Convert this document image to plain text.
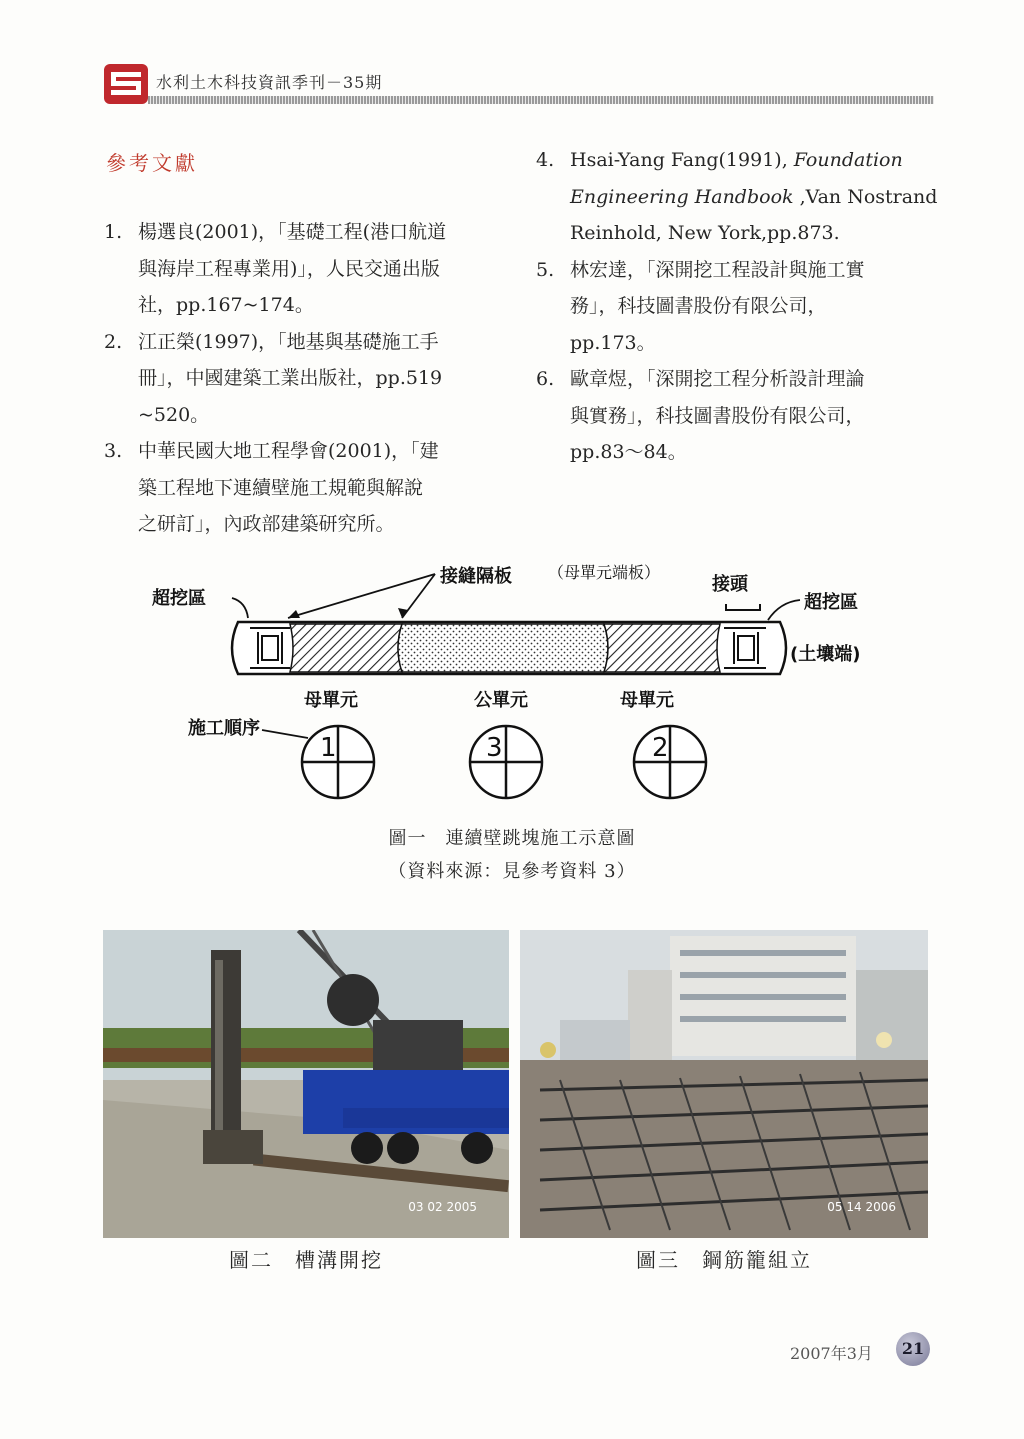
水利土木科技資訊季刊－35期
參考文獻
1. 楊選良(2001)，「基礎工程(港口航道
與海岸工程專業用)」，人民交通出版
社，pp.167~174。
2. 江正榮(1997)，「地基與基礎施工手
冊」，中國建築工業出版社，pp.519
~520。
3. 中華民國大地工程學會(2001)，「建
築工程地下連續壁施工規範與解說
之研訂」，內政部建築研究所。
4. Hsai-Yang Fang(1991), Foundation Engineering Handbook ,Van Nostrand Reinhold, New York,pp.873.
5. 林宏達，「深開挖工程設計與施工實
務」，科技圖書股份有限公司，
pp.173。
6. 歐章煜，「深開挖工程分析設計理論
與實務」，科技圖書股份有限公司，
pp.83～84。
超挖區
接縫隔板 （母單元端板）
接頭
超挖區
(土壤端)
母單元	公單元	母單元
施工順序
1	3	2
圖一　連續壁跳塊施工示意圖
（資料來源：見參考資料 3）
03 02 2005
圖二　槽溝開挖
05 14 2006
圖三　鋼筋籠組立
2007年3月	21
